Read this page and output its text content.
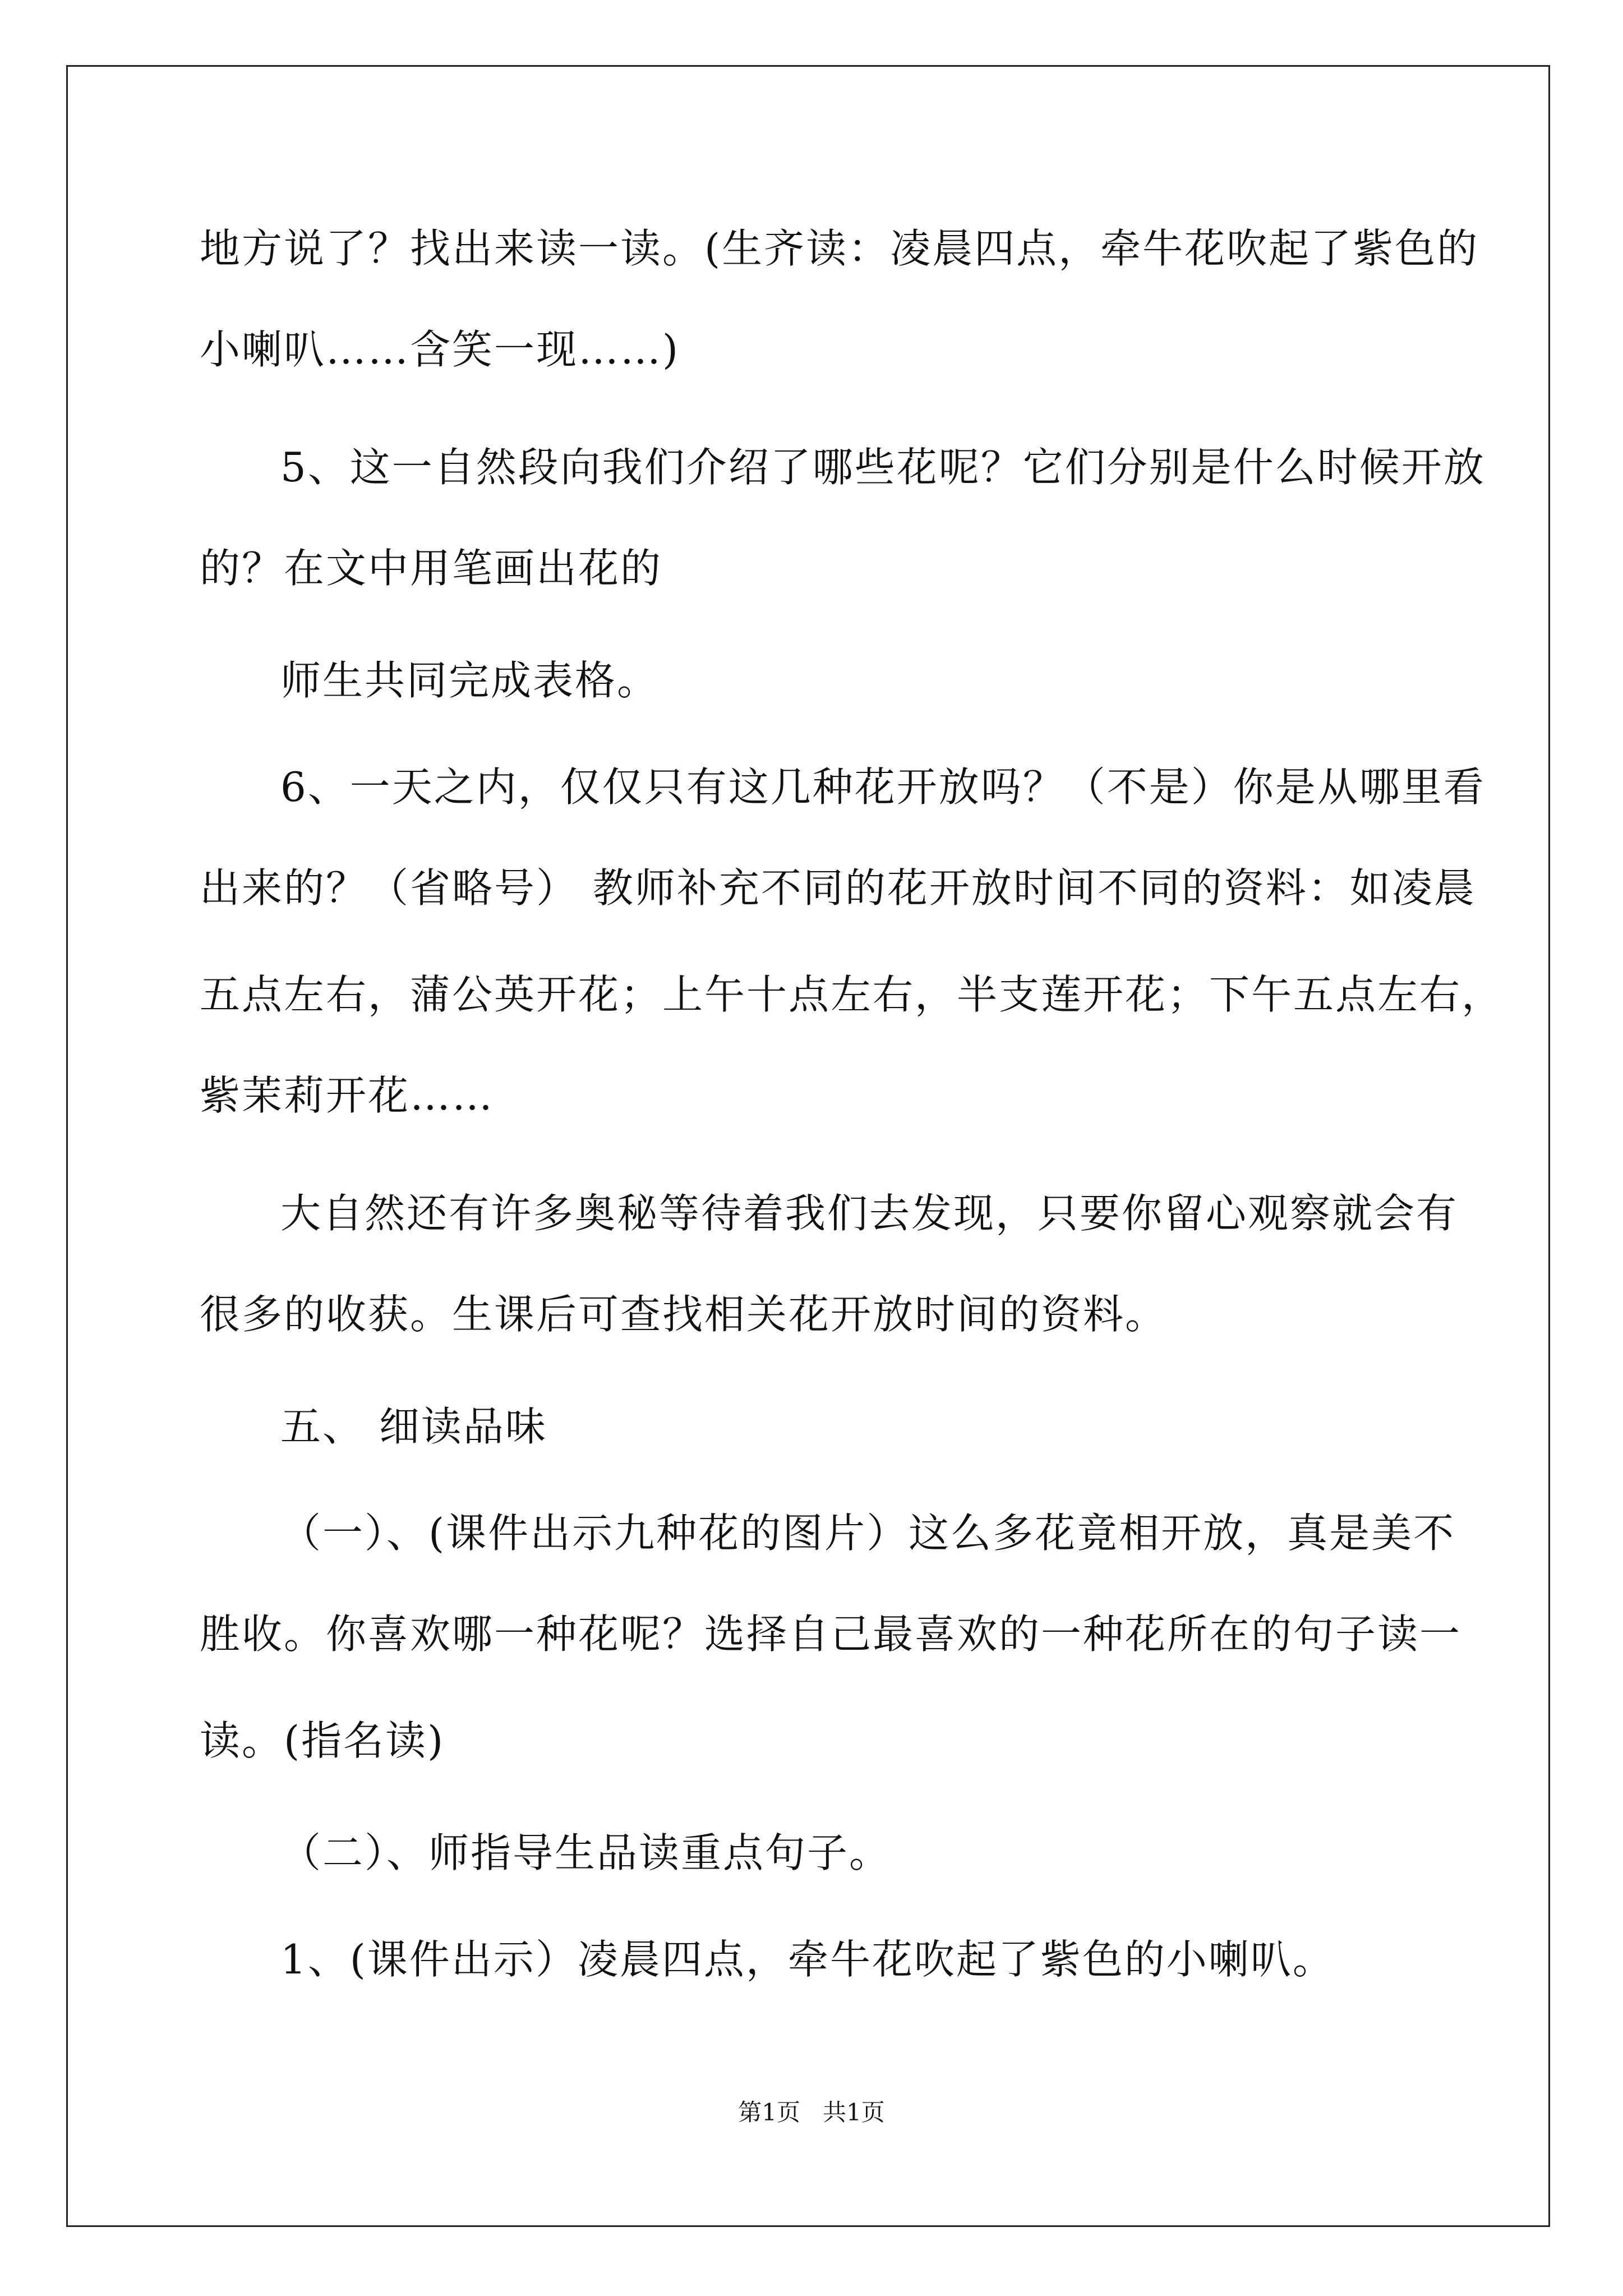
地方说了？找出来读一读。(生齐读：凌晨四点，牵牛花吹起了紫色的
小喇叭……含笑一现……)
5、这一自然段向我们介绍了哪些花呢？它们分别是什么时候开放
的？在文中用笔画出花的
师生共同完成表格。
6、一天之内，仅仅只有这几种花开放吗？（不是）你是从哪里看
出来的？（省略号） 教师补充不同的花开放时间不同的资料：如凌晨
五点左右，蒲公英开花；上午十点左右，半支莲开花；下午五点左右，
紫茉莉开花……
大自然还有许多奥秘等待着我们去发现，只要你留心观察就会有
很多的收获。生课后可查找相关花开放时间的资料。
五、 细读品味
（一）、(课件出示九种花的图片）这么多花竟相开放，真是美不
胜收。你喜欢哪一种花呢？选择自己最喜欢的一种花所在的句子读一
读。(指名读)
（二）、师指导生品读重点句子。
1、(课件出示）凌晨四点，牵牛花吹起了紫色的小喇叭。
第1页 共1页
